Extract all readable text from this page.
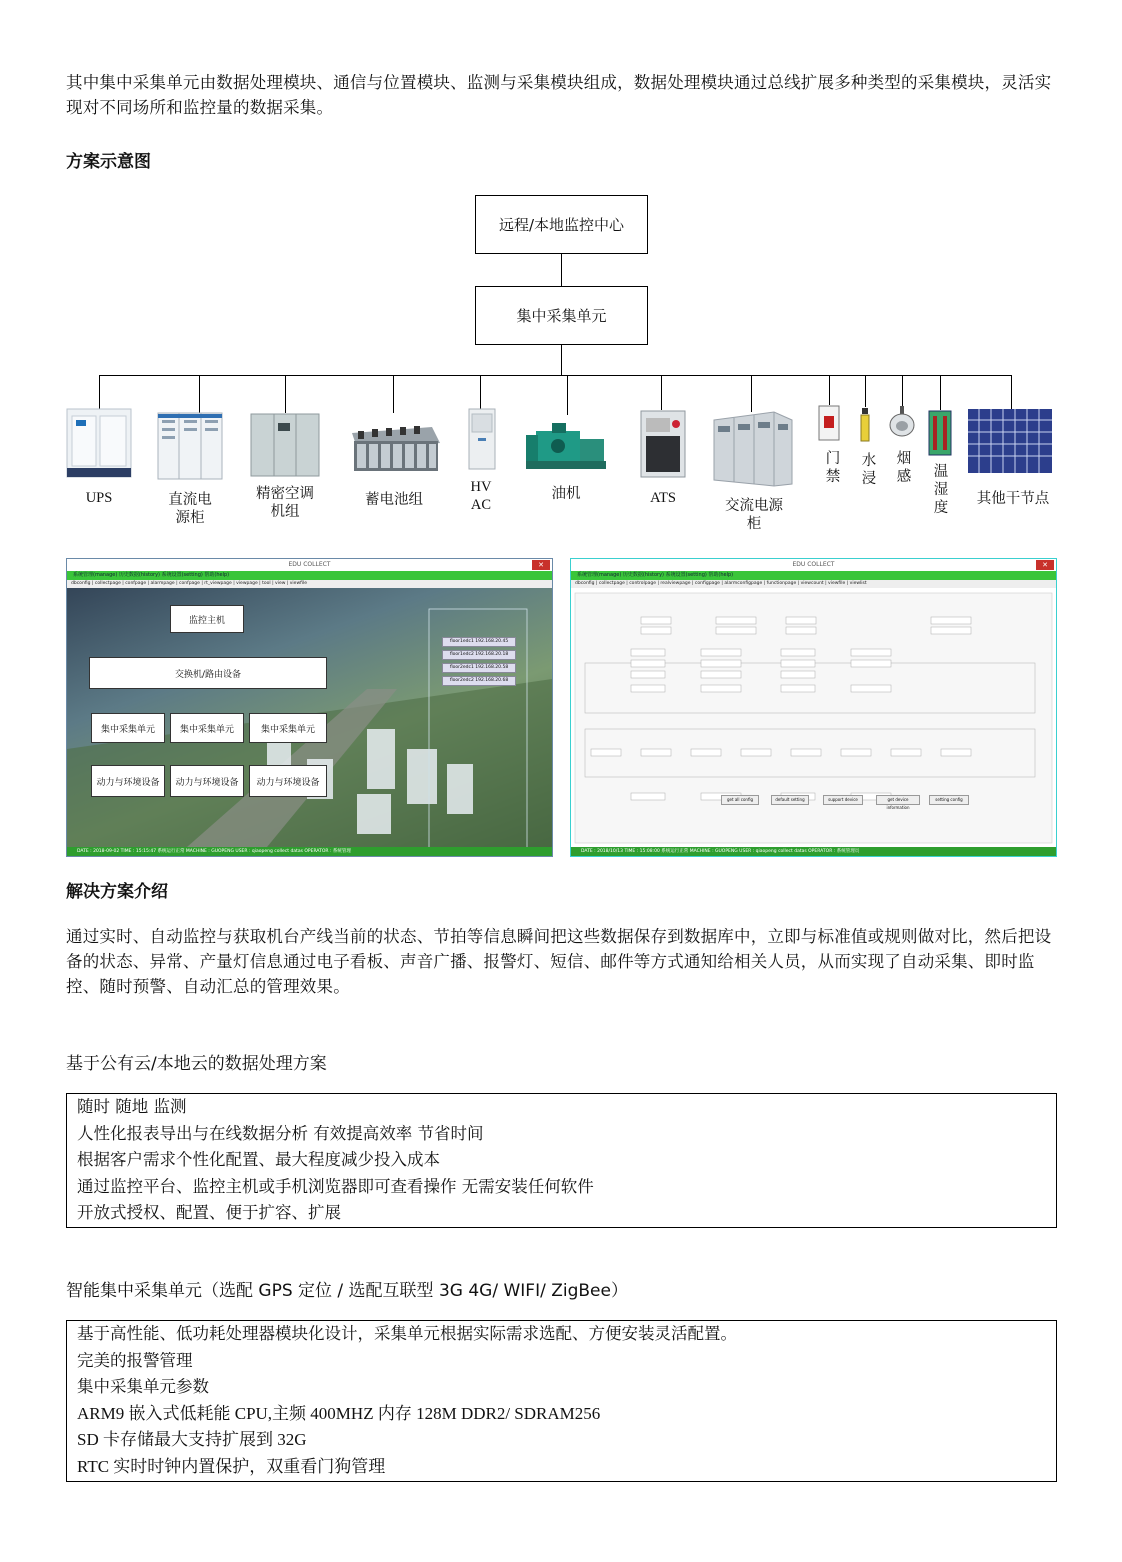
其中集中采集单元由数据处理模块、通信与位置模块、监测与采集模块组成，数据处理模块通过总线扩展多种类型的采集模块，灵活实现对不同场所和监控量的数据采集。
方案示意图
远程/本地监控中心
集中采集单元
UPS	直流电
源柜
精密空调
机组
蓄电池组
HV
AC
油机	ATS	交流电源
柜
门
禁
水
浸
烟
感 温
湿
度
其他干节点
EDU COLLECT	✕
系统管理(manage) 历史数据(history) 系统设置(setting) 帮助(help)
dbconfig | collectpage | confpage | alarmpage | confpage | rt_viewpage | viewpage | tool | view | viewfile
监控主机
交换机/路由设备
集中采集单元	集中采集单元	集中采集单元
动力与环境设备	动力与环境设备	动力与环境设备
floor1edc1 192.168.20.45
floor1edc2 192.168.20.18
floor2edc1 192.168.20.58
floor2edc2 192.168.20.68
DATE : 2018-09-02 TIME : 15:15:47 系统运行正常 MACHINE : GUOPENG USER : qiaopeng collect datas OPERATOR : 系统管理
EDU COLLECT	✕
系统管理(manage) 历史数据(history) 系统设置(setting) 帮助(help)
dbconfig | collectpage | controlpage | realviewpage | configpage | alarmconfigpage | functionpage | viewcount | viewfile | viewlist
get all config	default setting	support device	get device information
setting config
DATE : 2018/10/13 TIME : 15:08:00 系统运行正常 MACHINE : GUOPENG USER : qiaopeng collect datas OPERATOR : 系统管理员
解决方案介绍
通过实时、自动监控与获取机台产线当前的状态、节拍等信息瞬间把这些数据保存到数据库中，立即与标准值或规则做对比，然后把设备的状态、异常、产量灯信息通过电子看板、声音广播、报警灯、短信、邮件等方式通知给相关人员，从而实现了自动采集、即时监控、随时预警、自动汇总的管理效果。
基于公有云/本地云的数据处理方案
随时 随地 监测
人性化报表导出与在线数据分析 有效提高效率 节省时间
根据客户需求个性化配置、最大程度减少投入成本
通过监控平台、监控主机或手机浏览器即可查看操作 无需安装任何软件
开放式授权、配置、便于扩容、扩展
智能集中采集单元（选配 GPS 定位 / 选配互联型 3G 4G/ WIFI/ ZigBee）
基于高性能、低功耗处理器模块化设计，采集单元根据实际需求选配、方便安装灵活配置。
完美的报警管理
集中采集单元参数
ARM9 嵌入式低耗能 CPU,主频 400MHZ 内存 128M DDR2/ SDRAM256
SD 卡存储最大支持扩展到 32G
RTC 实时时钟内置保护，双重看门狗管理
